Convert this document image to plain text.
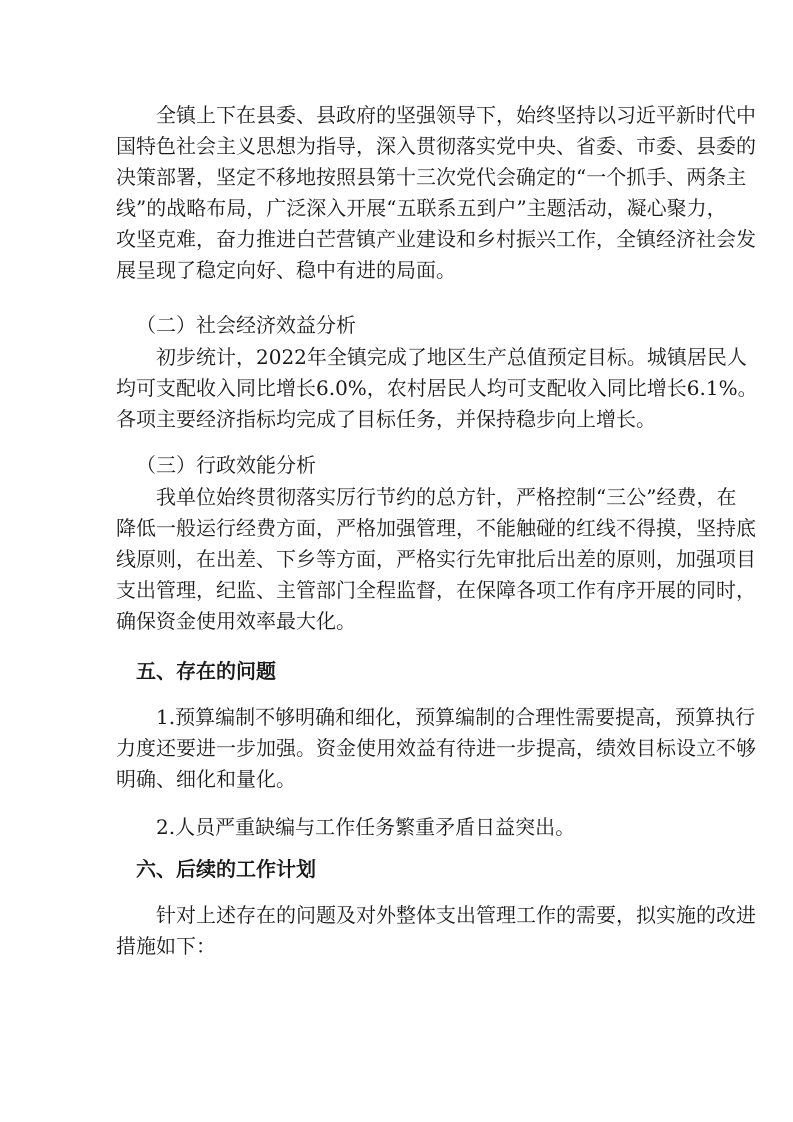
全镇上下在县委、县政府的坚强领导下，始终坚持以习近平新时代中
国特色社会主义思想为指导，深入贯彻落实党中央、省委、市委、县委的
决策部署，坚定不移地按照县第十三次党代会确定的“一个抓手、两条主
线”的战略布局，广泛深入开展“五联系五到户”主题活动，凝心聚力，
攻坚克难，奋力推进白芒营镇产业建设和乡村振兴工作，全镇经济社会发
展呈现了稳定向好、稳中有进的局面。
（二）社会经济效益分析
初步统计，2022年全镇完成了地区生产总值预定目标。城镇居民人
均可支配收入同比增长6.0%，农村居民人均可支配收入同比增长6.1%。
各项主要经济指标均完成了目标任务，并保持稳步向上增长。
（三）行政效能分析
我单位始终贯彻落实厉行节约的总方针，严格控制“三公”经费，在
降低一般运行经费方面，严格加强管理，不能触碰的红线不得摸，坚持底
线原则，在出差、下乡等方面，严格实行先审批后出差的原则，加强项目
支出管理，纪监、主管部门全程监督，在保障各项工作有序开展的同时，
确保资金使用效率最大化。
五、存在的问题
1.预算编制不够明确和细化，预算编制的合理性需要提高，预算执行
力度还要进一步加强。资金使用效益有待进一步提高，绩效目标设立不够
明确、细化和量化。
2.人员严重缺编与工作任务繁重矛盾日益突出。
六、后续的工作计划
针对上述存在的问题及对外整体支出管理工作的需要，拟实施的改进
措施如下：
